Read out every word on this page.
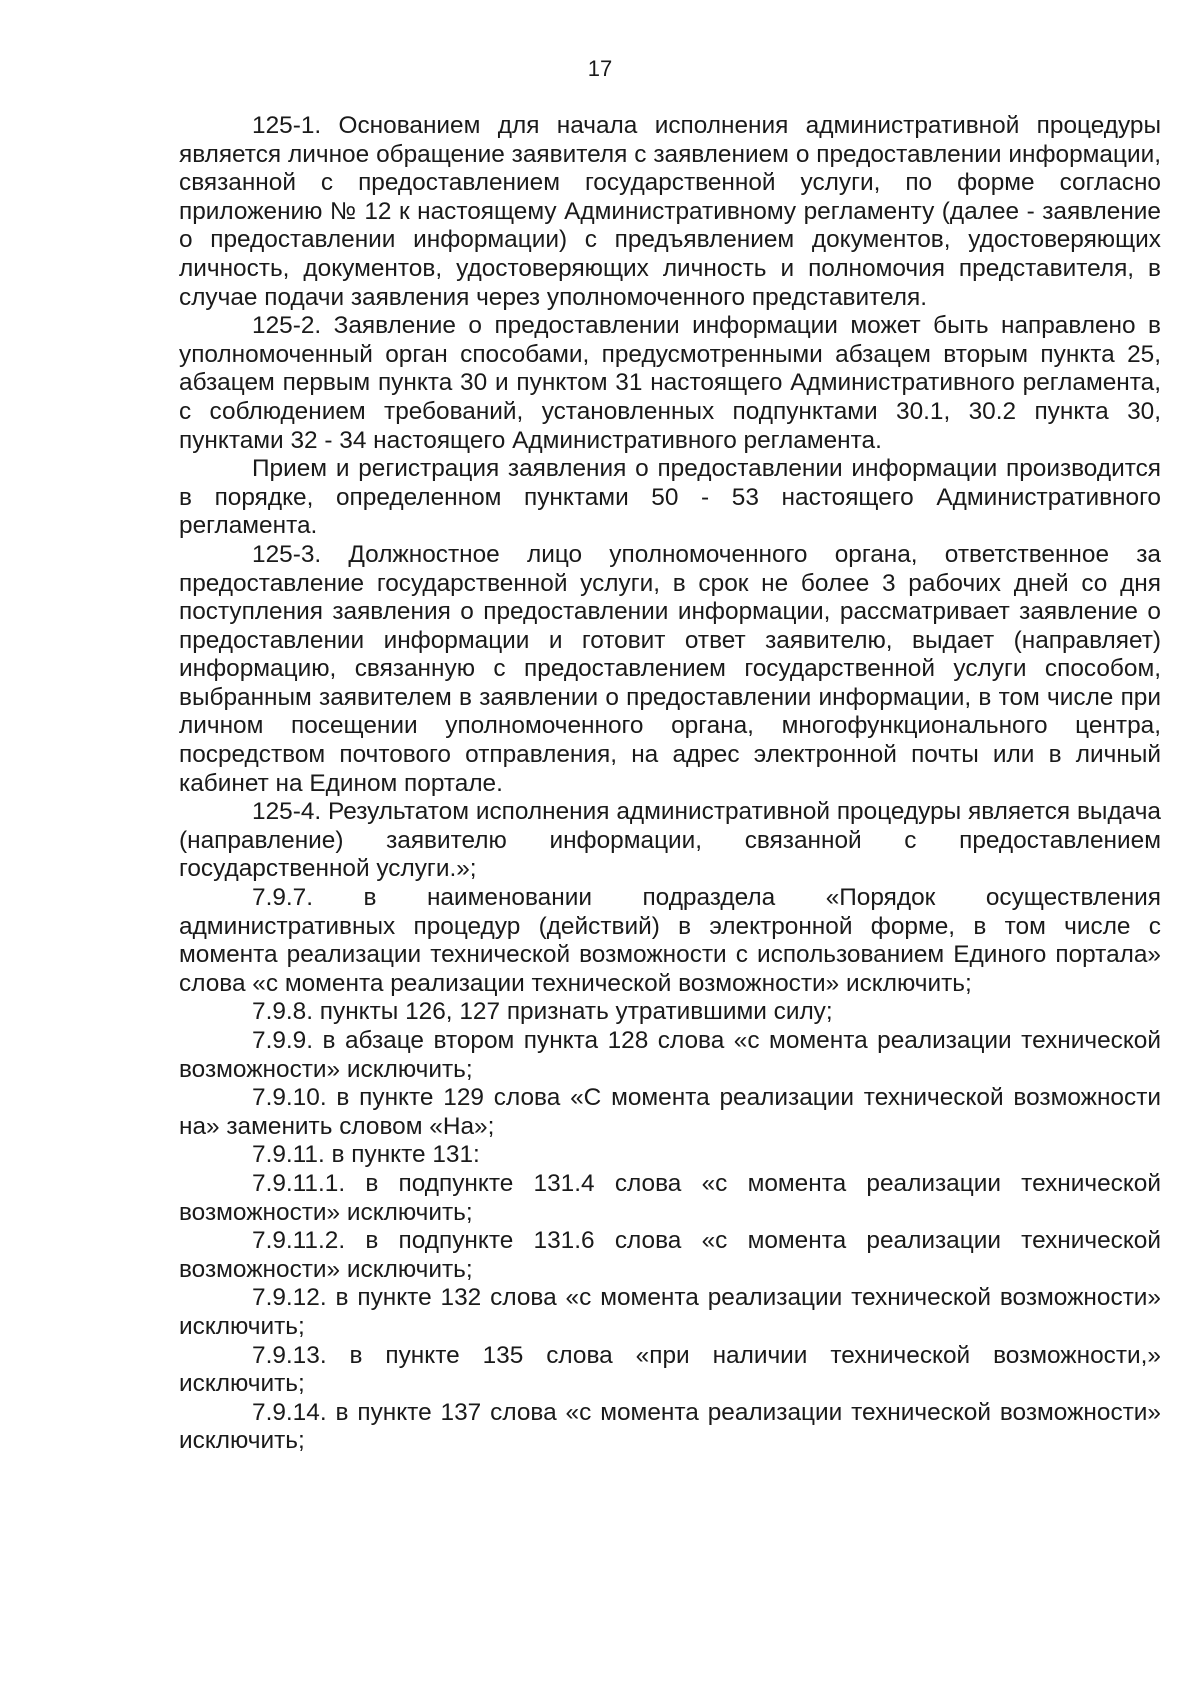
17

125-1. Основанием для начала исполнения административной процедуры является личное обращение заявителя с заявлением о предоставлении информации, связанной с предоставлением государственной услуги, по форме согласно приложению № 12 к настоящему Административному регламенту (далее - заявление о предоставлении информации) с предъявлением документов, удостоверяющих личность, документов, удостоверяющих личность и полномочия представителя, в случае подачи заявления через уполномоченного представителя.

125-2. Заявление о предоставлении информации может быть направлено в уполномоченный орган способами, предусмотренными абзацем вторым пункта 25, абзацем первым пункта 30 и пунктом 31 настоящего Административного регламента, с соблюдением требований, установленных подпунктами 30.1, 30.2 пункта 30, пунктами 32 - 34 настоящего Административного регламента.

Прием и регистрация заявления о предоставлении информации производится в порядке, определенном пунктами 50 - 53 настоящего Административного регламента.

125-3. Должностное лицо уполномоченного органа, ответственное за предоставление государственной услуги, в срок не более 3 рабочих дней со дня поступления заявления о предоставлении информации, рассматривает заявление о предоставлении информации и готовит ответ заявителю, выдает (направляет) информацию, связанную с предоставлением государственной услуги способом, выбранным заявителем в заявлении о предоставлении информации, в том числе при личном посещении уполномоченного органа, многофункционального центра, посредством почтового отправления, на адрес электронной почты или в личный кабинет на Едином портале.

125-4. Результатом исполнения административной процедуры является выдача (направление) заявителю информации, связанной с предоставлением государственной услуги.»;

7.9.7. в наименовании подраздела «Порядок осуществления административных процедур (действий) в электронной форме, в том числе с момента реализации технической возможности с использованием Единого портала» слова «с момента реализации технической возможности» исключить;

7.9.8. пункты 126, 127 признать утратившими силу;

7.9.9. в абзаце втором пункта 128 слова «с момента реализации технической возможности» исключить;

7.9.10. в пункте 129 слова «С момента реализации технической возможности на» заменить словом «На»;

7.9.11. в пункте 131:

7.9.11.1. в подпункте 131.4 слова «с момента реализации технической возможности» исключить;

7.9.11.2. в подпункте 131.6 слова «с момента реализации технической возможности» исключить;

7.9.12. в пункте 132 слова «с момента реализации технической возможности» исключить;

7.9.13. в пункте 135 слова «при наличии технической возможности,» исключить;

7.9.14. в пункте 137 слова «с момента реализации технической возможности» исключить;
